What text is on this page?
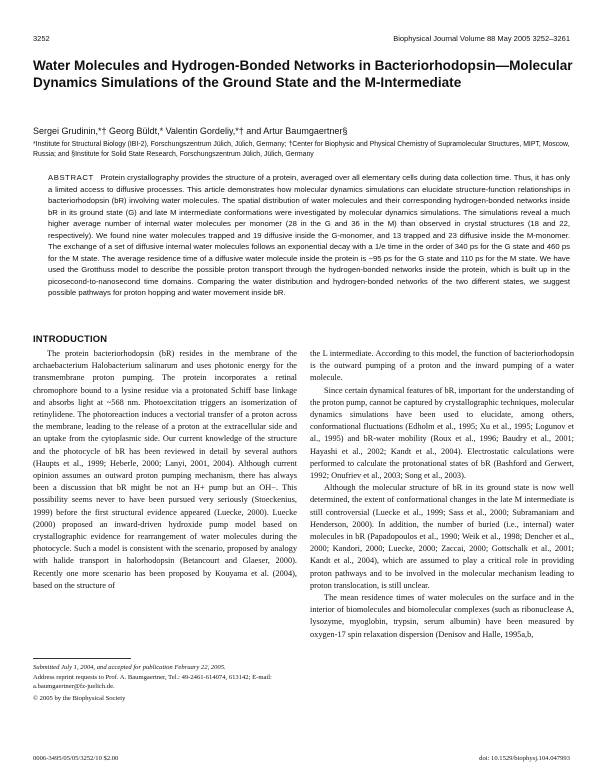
3252	Biophysical Journal Volume 88 May 2005 3252–3261
Water Molecules and Hydrogen-Bonded Networks in Bacteriorhodopsin—Molecular Dynamics Simulations of the Ground State and the M-Intermediate
Sergei Grudinin,*† Georg Büldt,* Valentin Gordeliy,*† and Artur Baumgaertner§
*Institute for Structural Biology (IBI-2), Forschungszentrum Jülich, Jülich, Germany; †Center for Biophysic and Physical Chemistry of Supramolecular Structures, MIPT, Moscow, Russia; and §Institute for Solid State Research, Forschungszentrum Jülich, Jülich, Germany
ABSTRACT Protein crystallography provides the structure of a protein, averaged over all elementary cells during data collection time. Thus, it has only a limited access to diffusive processes. This article demonstrates how molecular dynamics simulations can elucidate structure-function relationships in bacteriorhodopsin (bR) involving water molecules. The spatial distribution of water molecules and their corresponding hydrogen-bonded networks inside bR in its ground state (G) and late M intermediate conformations were investigated by molecular dynamics simulations. The simulations reveal a much higher average number of internal water molecules per monomer (28 in the G and 36 in the M) than observed in crystal structures (18 and 22, respectively). We found nine water molecules trapped and 19 diffusive inside the G-monomer, and 13 trapped and 23 diffusive inside the M-monomer. The exchange of a set of diffusive internal water molecules follows an exponential decay with a 1/e time in the order of 340 ps for the G state and 460 ps for the M state. The average residence time of a diffusive water molecule inside the protein is ~95 ps for the G state and 110 ps for the M state. We have used the Grotthuss model to describe the possible proton transport through the hydrogen-bonded networks inside the protein, which is built up in the picosecond-to-nanosecond time domains. Comparing the water distribution and hydrogen-bonded networks of the two different states, we suggest possible pathways for proton hopping and water movement inside bR.
INTRODUCTION

The protein bacteriorhodopsin (bR) resides in the membrane of the archaebacterium Halobacterium salinarum and uses photonic energy for the transmembrane proton pumping. The protein incorporates a retinal chromophore bound to a lysine residue via a protonated Schiff base linkage and absorbs light at ~568 nm. Photoexcitation triggers an isomerization of retinylidene. The photoreaction induces a vectorial transfer of a proton across the membrane, leading to the release of a proton at the extracellular side and an uptake from the cytoplasmic side. Our current knowledge of the structure and the photocycle of bR has been reviewed in detail by several authors (Haupts et al., 1999; Heberle, 2000; Lanyi, 2001, 2004). Although current opinion assumes an outward proton pumping mechanism, there has always been a discussion that bR might be not an H+ pump but an OH−. This possibility seems never to have been pursued very seriously (Stoeckenius, 1999) before the first structural evidence appeared (Luecke, 2000). Luecke (2000) proposed an inward-driven hydroxide pump model based on crystallographic evidence for rearrangement of water molecules during the photocycle. Such a model is consistent with the scenario, proposed by analogy with halide transport in halorhodopsin (Betancourt and Glaeser, 2000). Recently one more scenario has been proposed by Kouyama et al. (2004), based on the structure of

the L intermediate. According to this model, the function of bacteriorhodopsin is the outward pumping of a proton and the inward pumping of a water molecule.

Since certain dynamical features of bR, important for the understanding of the proton pump, cannot be captured by crystallographic techniques, molecular dynamics simulations have been used to elucidate, among others, conformational fluctuations (Edholm et al., 1995; Xu et al., 1995; Logunov et al., 1995) and bR-water mobility (Roux et al., 1996; Baudry et al., 2001; Hayashi et al., 2002; Kandt et al., 2004). Electrostatic calculations were performed to calculate the protonational states of bR (Bashford and Gerwert, 1992; Onufriev et al., 2003; Song et al., 2003).

Although the molecular structure of bR in its ground state is now well determined, the extent of conformational changes in the late M intermediate is still controversial (Luecke et al., 1999; Sass et al., 2000; Subramaniam and Henderson, 2000). In addition, the number of buried (i.e., internal) water molecules in bR (Papadopoulos et al., 1990; Weik et al., 1998; Dencher et al., 2000; Kandori, 2000; Luecke, 2000; Zaccai, 2000; Gottschalk et al., 2001; Kandt et al., 2004), which are assumed to play a critical role in providing proton pathways and to be involved in the molecular mechanism leading to proton translocation, is still unclear.

The mean residence times of water molecules on the surface and in the interior of biomolecules and biomolecular complexes (such as ribonuclease A, lysozyme, myoglobin, trypsin, serum albumin) have been measured by oxygen-17 spin relaxation dispersion (Denisov and Halle, 1995a,b,

Submitted July 1, 2004, and accepted for publication February 22, 2005.
Address reprint requests to Prof. A. Baumgaertner, Tel.: 49-2461-614074, 613142; E-mail: a.baumgaertner@fz-juelich.de.
© 2005 by the Biophysical Society
0006-3495/05/05/3252/10 $2.00	doi: 10.1529/biophysj.104.047993
